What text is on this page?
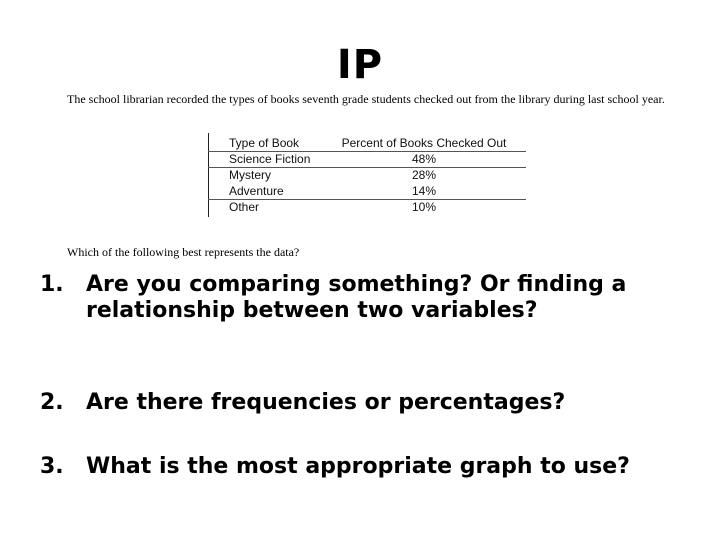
IP
The school librarian recorded the types of books seventh grade students checked out from the library during last school year.
Type of Book	Percent of Books Checked Out
Science Fiction	48%
Mystery	28%
Adventure	14%
Other	10%
Which of the following best represents the data?
1. Are you comparing something? Or finding a relationship between two variables?
2. Are there frequencies or percentages?
3. What is the most appropriate graph to use?
